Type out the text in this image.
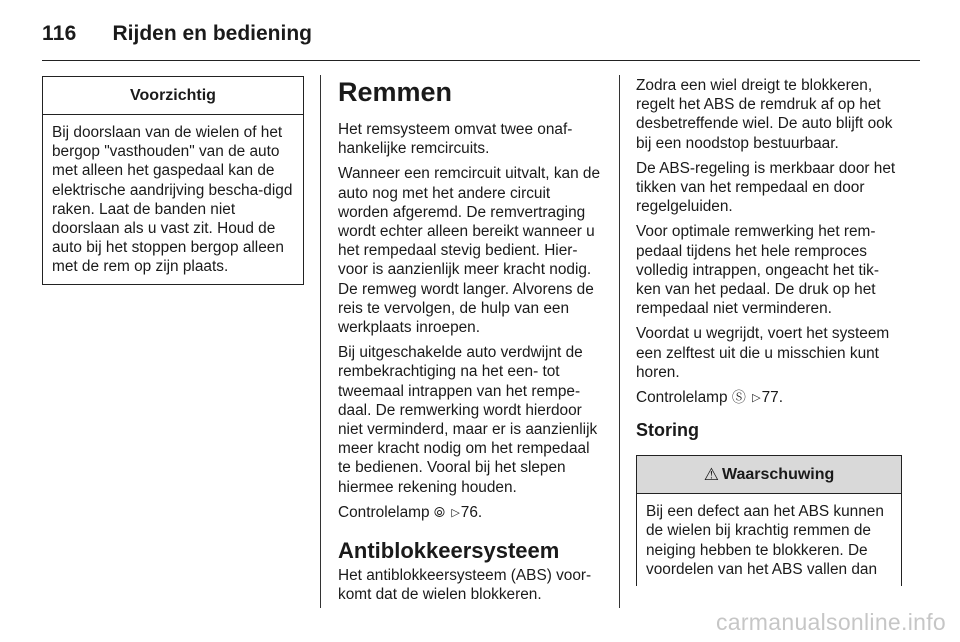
116 Rijden en bediening
Voorzichtig

Bij doorslaan van de wielen of het bergop "vasthouden" van de auto met alleen het gaspedaal kan de elektrische aandrijving bescha-digd raken. Laat de banden niet doorslaan als u vast zit. Houd de auto bij het stoppen bergop alleen met de rem op zijn plaats.

Remmen

Het remsysteem omvat twee onaf-hankelijke remcircuits.

Wanneer een remcircuit uitvalt, kan de auto nog met het andere circuit worden afgeremd. De remvertraging wordt echter alleen bereikt wanneer u het rempedaal stevig bedient. Hier-voor is aanzienlijk meer kracht nodig. De remweg wordt langer. Alvorens de reis te vervolgen, de hulp van een werkplaats inroepen.

Bij uitgeschakelde auto verdwijnt de rembekrachtiging na het een- tot tweemaal intrappen van het rempe-daal. De remwerking wordt hierdoor niet verminderd, maar er is aanzienlijk meer kracht nodig om het rempedaal te bedienen. Vooral bij het slepen hiermee rekening houden.

Controlelamp ⦾ ▷76.

Antiblokkeersysteem

Het antiblokkeersysteem (ABS) voor-komt dat de wielen blokkeren.

Zodra een wiel dreigt te blokkeren, regelt het ABS de remdruk af op het desbetreffende wiel. De auto blijft ook bij een noodstop bestuurbaar.

De ABS-regeling is merkbaar door het tikken van het rempedaal en door regelgeluiden.

Voor optimale remwerking het rem-pedaal tijdens het hele remproces volledig intrappen, ongeacht het tik-ken van het pedaal. De druk op het rempedaal niet verminderen.

Voordat u wegrijdt, voert het systeem een zelftest uit die u misschien kunt horen.

Controlelamp Ⓢ ▷77.

Storing
⚠ Waarschuwing

Bij een defect aan het ABS kunnen de wielen bij krachtig remmen de neiging hebben te blokkeren. De voordelen van het ABS vallen dan

carmanualsonline.info
